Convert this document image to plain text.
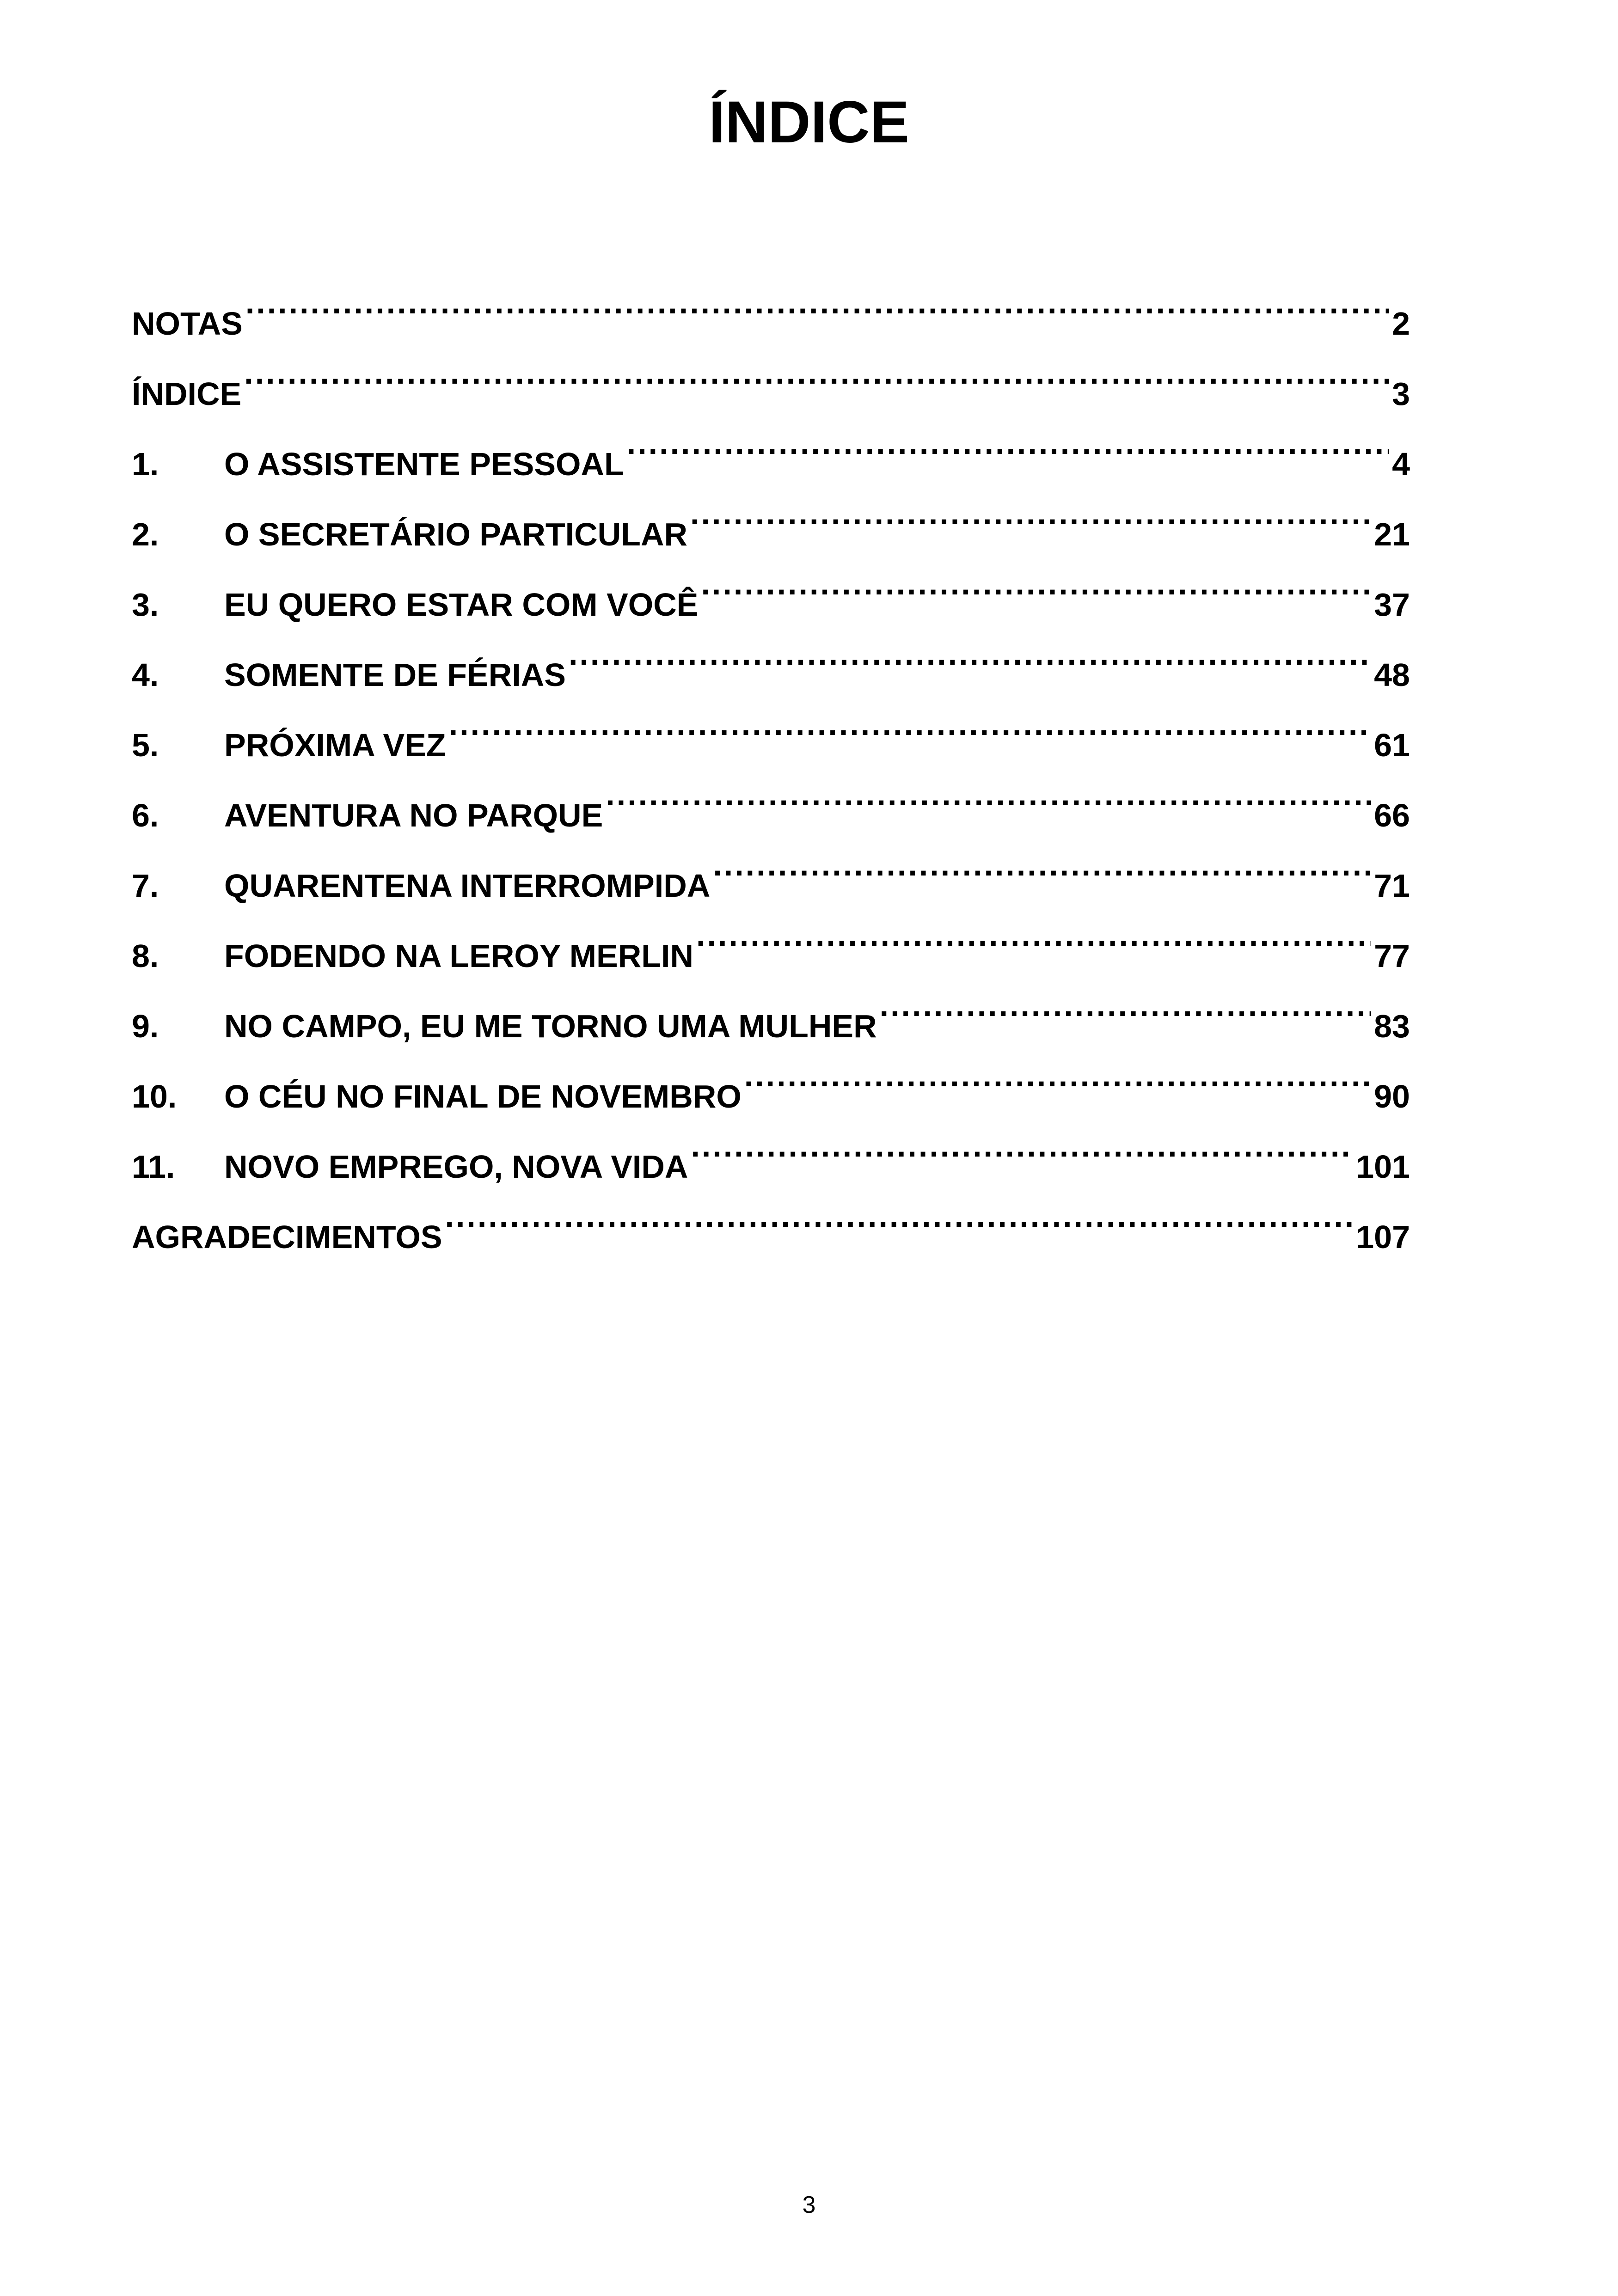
ÍNDICE
NOTAS .....	2
ÍNDICE .....	3
1.	O ASSISTENTE PESSOAL .....	4
2.	O SECRETÁRIO PARTICULAR .....	21
3.	EU QUERO ESTAR COM VOCÊ .....	37
4.	SOMENTE DE FÉRIAS .....	48
5.	PRÓXIMA VEZ .....	61
6.	AVENTURA NO PARQUE .....	66
7.	QUARENTENA INTERROMPIDA .....	71
8.	FODENDO NA LEROY MERLIN .....	77
9.	NO CAMPO, EU ME TORNO UMA MULHER .....	83
10.	O CÉU NO FINAL DE NOVEMBRO .....	90
11.	NOVO EMPREGO, NOVA VIDA .....	101
AGRADECIMENTOS .....	107
3
